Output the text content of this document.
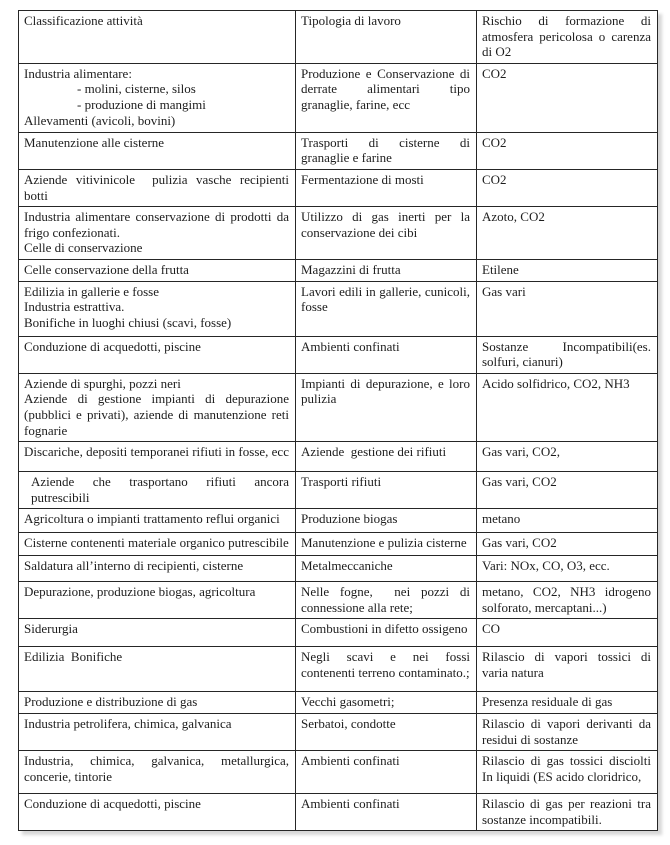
Classificazione attività	Tipologia di lavoro	Rischio di formazione di atmosfera pericolosa o carenza di O2

Industria alimentare:
- molini, cisterne, silos
- produzione di mangimi
Allevamenti (avicoli, bovini)	Produzione e Conservazione di derrate alimentari tipo granaglie, farine, ecc	CO2

Manutenzione alle cisterne	Trasporti di cisterne di granaglie e farine	CO2

Aziende vitivinicole  pulizia vasche recipienti botti	Fermentazione di mosti	CO2

Industria alimentare conservazione di prodotti da frigo confezionati.
Celle di conservazione	Utilizzo di gas inerti per la conservazione dei cibi	Azoto, CO2

Celle conservazione della frutta	Magazzini di frutta	Etilene

Edilizia in gallerie e fosse
Industria estrattiva.
Bonifiche in luoghi chiusi (scavi, fosse)	Lavori edili in gallerie, cunicoli, fosse	Gas vari

Conduzione di acquedotti, piscine	Ambienti confinati	Sostanze Incompatibili(es. solfuri, cianuri)

Aziende di spurghi, pozzi neri
Aziende di gestione impianti di depurazione (pubblici e privati), aziende di manutenzione reti fognarie	Impianti di depurazione, e loro pulizia	Acido solfidrico, CO2, NH3

Discariche, depositi temporanei rifiuti in fosse, ecc	Aziende  gestione dei rifiuti	Gas vari, CO2,

Aziende che trasportano rifiuti ancora putrescibili	Trasporti rifiuti	Gas vari, CO2

Agricoltura o impianti trattamento reflui organici	Produzione biogas	metano

Cisterne contenenti materiale organico putrescibile	Manutenzione e pulizia cisterne	Gas vari, CO2

Saldatura all’interno di recipienti, cisterne	Metalmeccaniche	Vari: NOx, CO, O3, ecc.

Depurazione, produzione biogas, agricoltura	Nelle fogne,  nei pozzi di connessione alla rete;	metano, CO2, NH3 idrogeno solforato, mercaptani...)

Siderurgia	Combustioni in difetto ossigeno	CO

Edilizia  Bonifiche	Negli scavi e nei fossi contenenti terreno contaminato.;	Rilascio di vapori tossici di varia natura

Produzione e distribuzione di gas	Vecchi gasometri;	Presenza residuale di gas

Industria petrolifera, chimica, galvanica	Serbatoi, condotte	Rilascio di vapori derivanti da residui di sostanze

Industria, chimica, galvanica, metallurgica, concerie, tintorie	Ambienti confinati	Rilascio di gas tossici disciolti In liquidi (ES acido cloridrico,

Conduzione di acquedotti, piscine	Ambienti confinati	Rilascio di gas per reazioni tra sostanze incompatibili.
